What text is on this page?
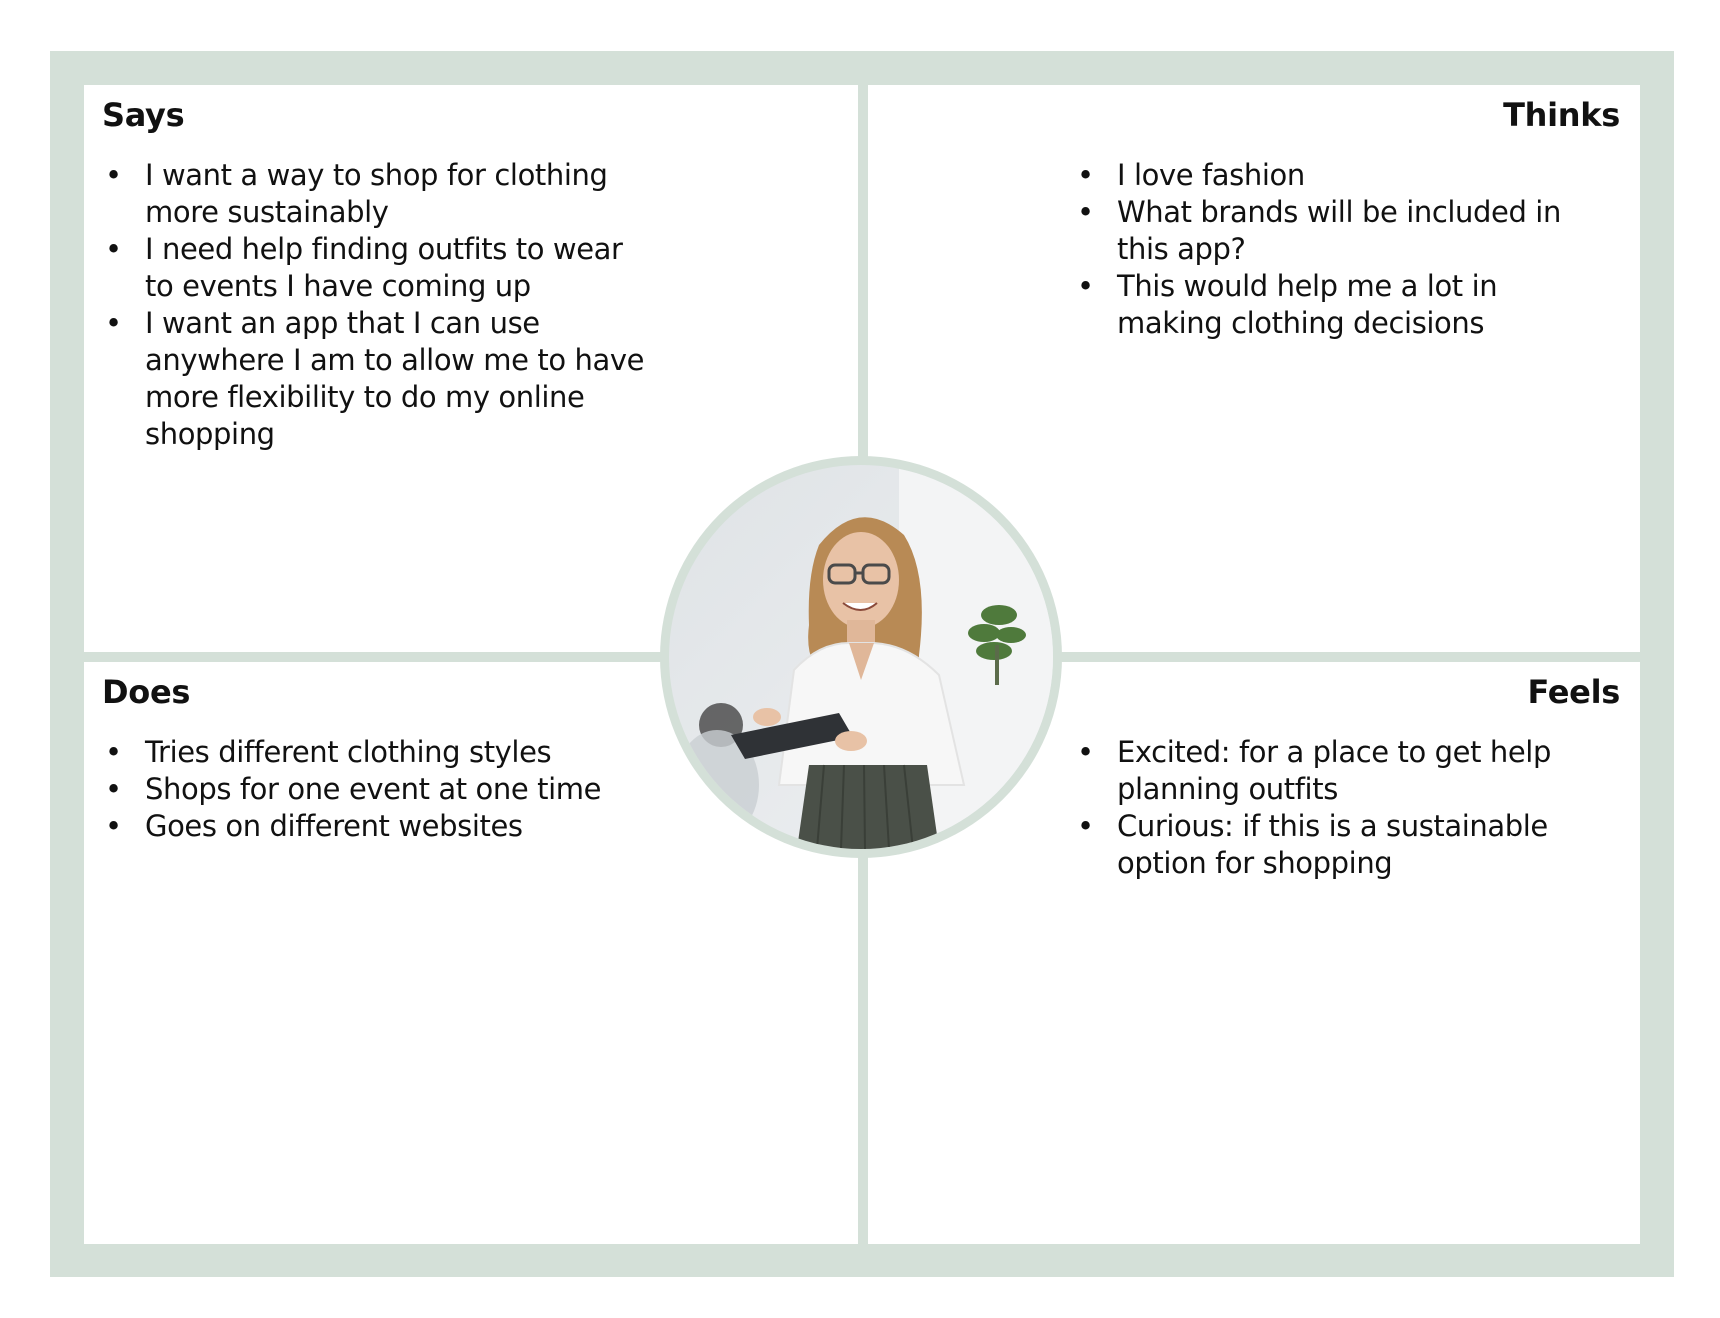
Says
• I want a way to shop for clothing more sustainably
• I need help finding outfits to wear to events I have coming up
• I want an app that I can use anywhere I am to allow me to have more flexibility to do my online shopping
Thinks
• I love fashion
• What brands will be included in this app?
• This would help me a lot in making clothing decisions
Does
• Tries different clothing styles
• Shops for one event at one time
• Goes on different websites
Feels
• Excited: for a place to get help planning outfits
• Curious: if this is a sustainable option for shopping
